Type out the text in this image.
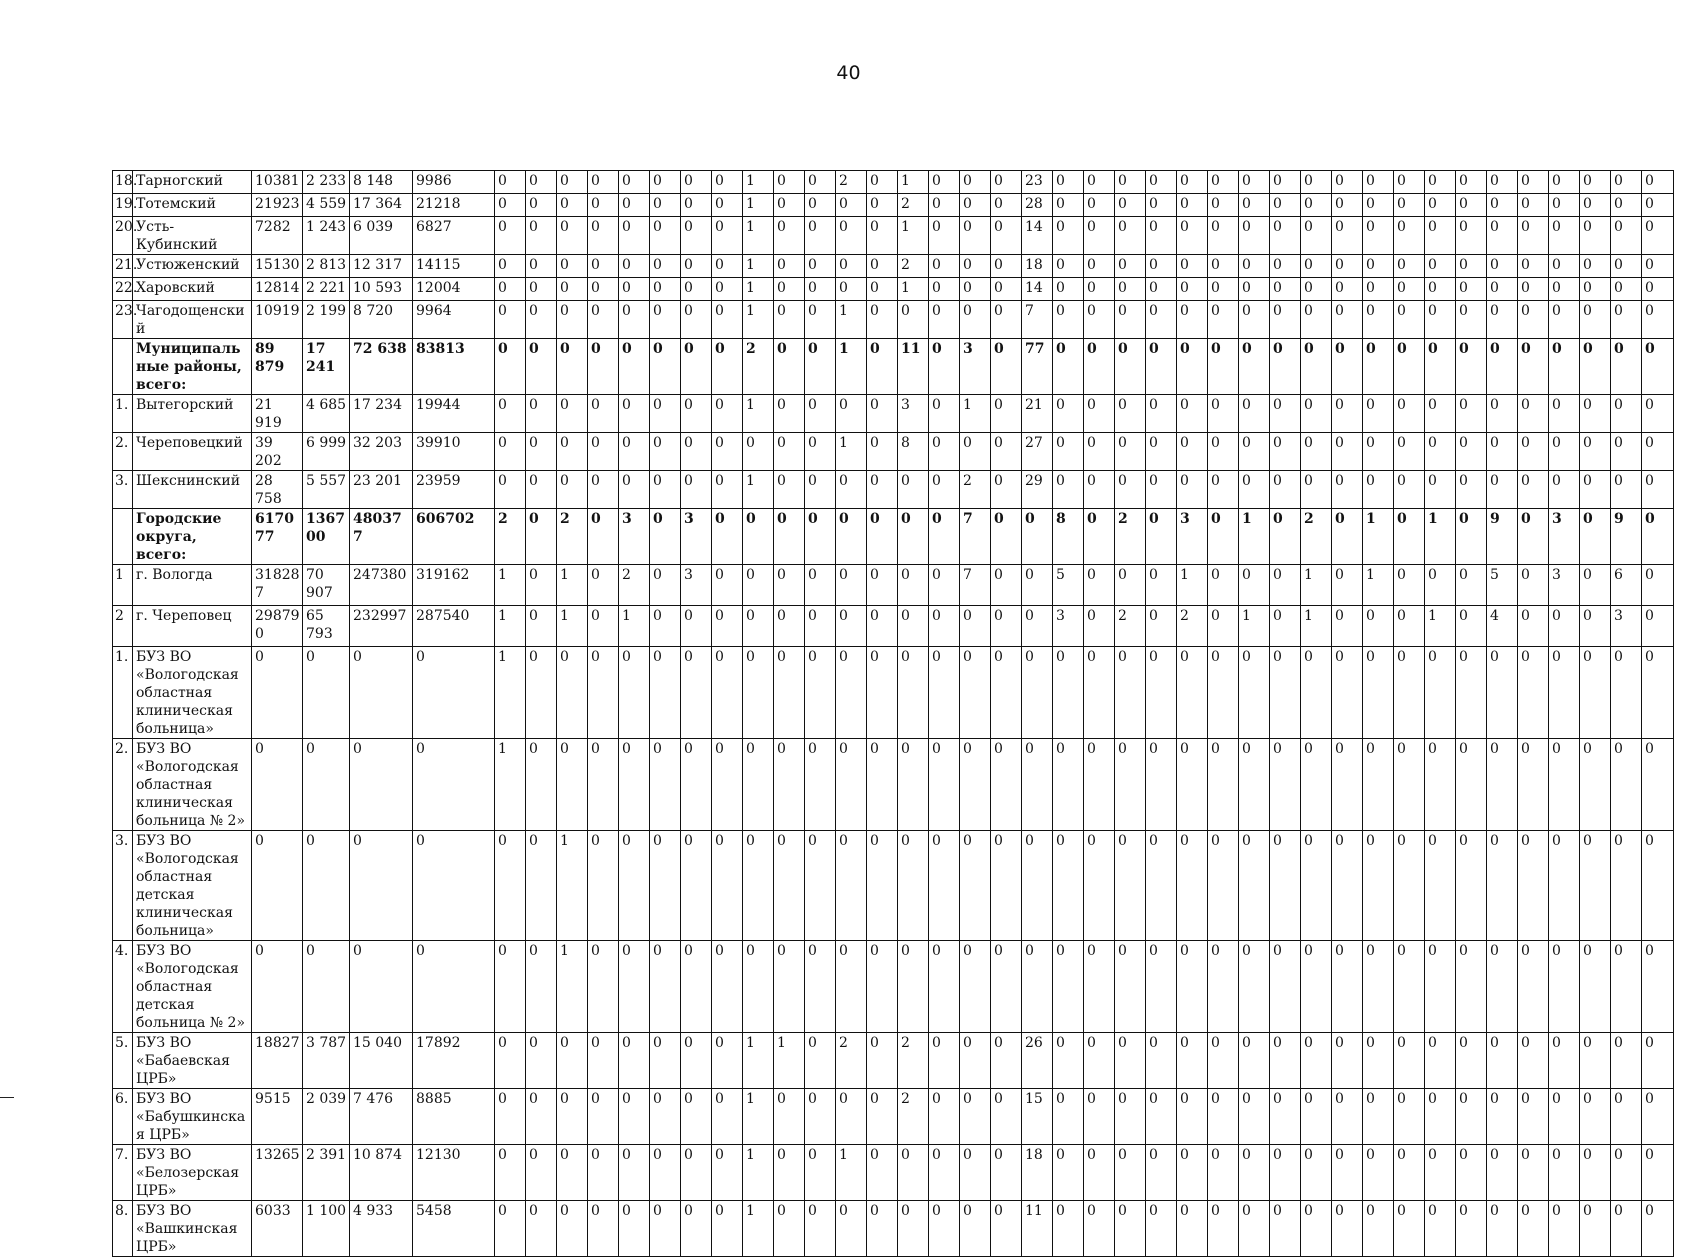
40
18.	Тарногский	10381	2 233	8 148	9986	0	0	0	0	0	0	0	0	1	0	0	2	0	1	0	0	0	23	0	0	0	0	0	0	0	0	0	0	0	0	0	0	0	0	0	0	0	0
19.	Тотемский	21923	4 559	17 364	21218	0	0	0	0	0	0	0	0	1	0	0	0	0	2	0	0	0	28	0	0	0	0	0	0	0	0	0	0	0	0	0	0	0	0	0	0	0	0
20.	Усть-Кубинский	7282	1 243	6 039	6827	0	0	0	0	0	0	0	0	1	0	0	0	0	1	0	0	0	14	0	0	0	0	0	0	0	0	0	0	0	0	0	0	0	0	0	0	0	0
21.	Устюженский	15130	2 813	12 317	14115	0	0	0	0	0	0	0	0	1	0	0	0	0	2	0	0	0	18	0	0	0	0	0	0	0	0	0	0	0	0	0	0	0	0	0	0	0	0
22.	Харовский	12814	2 221	10 593	12004	0	0	0	0	0	0	0	0	1	0	0	0	0	1	0	0	0	14	0	0	0	0	0	0	0	0	0	0	0	0	0	0	0	0	0	0	0	0
23.	Чагодощенский	10919	2 199	8 720	9964	0	0	0	0	0	0	0	0	1	0	0	1	0	0	0	0	0	7	0	0	0	0	0	0	0	0	0	0	0	0	0	0	0	0	0	0	0	0
	Муниципальные районы, всего:	89 879	17 241	72 638	83813	0	0	0	0	0	0	0	0	2	0	0	1	0	11	0	3	0	77	0	0	0	0	0	0	0	0	0	0	0	0	0	0	0	0	0	0	0	0
1.	Вытегорский	21 919	4 685	17 234	19944	0	0	0	0	0	0	0	0	1	0	0	0	0	3	0	1	0	21	0	0	0	0	0	0	0	0	0	0	0	0	0	0	0	0	0	0	0	0
2.	Череповецкий	39 202	6 999	32 203	39910	0	0	0	0	0	0	0	0	0	0	0	1	0	8	0	0	0	27	0	0	0	0	0	0	0	0	0	0	0	0	0	0	0	0	0	0	0	0
3.	Шекснинский	28 758	5 557	23 201	23959	0	0	0	0	0	0	0	0	1	0	0	0	0	0	0	2	0	29	0	0	0	0	0	0	0	0	0	0	0	0	0	0	0	0	0	0	0	0
	Городские округа, всего:	617077	136700	480377	606702	2	0	2	0	3	0	3	0	0	0	0	0	0	0	0	7	0	0	8	0	2	0	3	0	1	0	2	0	1	0	1	0	9	0	3	0	9	0
1	г. Вологда	318287	70 907	247380	319162	1	0	1	0	2	0	3	0	0	0	0	0	0	0	0	7	0	0	5	0	0	0	1	0	0	0	1	0	1	0	0	0	5	0	3	0	6	0
2	г. Череповец	298790	65 793	232997	287540	1	0	1	0	1	0	0	0	0	0	0	0	0	0	0	0	0	0	3	0	2	0	2	0	1	0	1	0	0	0	1	0	4	0	0	0	3	0
1.	БУЗ ВО «Вологодская областная клиническая больница»	0	0	0	0	1	0	0	0	0	0	0	0	0	0	0	0	0	0	0	0	0	0	0	0	0	0	0	0	0	0	0	0	0	0	0	0	0	0	0	0	0	0
2.	БУЗ ВО «Вологодская областная клиническая больница № 2»	0	0	0	0	1	0	0	0	0	0	0	0	0	0	0	0	0	0	0	0	0	0	0	0	0	0	0	0	0	0	0	0	0	0	0	0	0	0	0	0	0	0
3.	БУЗ ВО «Вологодская областная детская клиническая больница»	0	0	0	0	0	0	1	0	0	0	0	0	0	0	0	0	0	0	0	0	0	0	0	0	0	0	0	0	0	0	0	0	0	0	0	0	0	0	0	0	0	0
4.	БУЗ ВО «Вологодская областная детская больница № 2»	0	0	0	0	0	0	1	0	0	0	0	0	0	0	0	0	0	0	0	0	0	0	0	0	0	0	0	0	0	0	0	0	0	0	0	0	0	0	0	0	0	0
5.	БУЗ ВО «Бабаевская ЦРБ»	18827	3 787	15 040	17892	0	0	0	0	0	0	0	0	1	1	0	2	0	2	0	0	0	26	0	0	0	0	0	0	0	0	0	0	0	0	0	0	0	0	0	0	0	0
6.	БУЗ ВО «Бабушкинская ЦРБ»	9515	2 039	7 476	8885	0	0	0	0	0	0	0	0	1	0	0	0	0	2	0	0	0	15	0	0	0	0	0	0	0	0	0	0	0	0	0	0	0	0	0	0	0	0
7.	БУЗ ВО «Белозерская ЦРБ»	13265	2 391	10 874	12130	0	0	0	0	0	0	0	0	1	0	0	1	0	0	0	0	0	18	0	0	0	0	0	0	0	0	0	0	0	0	0	0	0	0	0	0	0	0
8.	БУЗ ВО «Вашкинская ЦРБ»	6033	1 100	4 933	5458	0	0	0	0	0	0	0	0	1	0	0	0	0	0	0	0	0	11	0	0	0	0	0	0	0	0	0	0	0	0	0	0	0	0	0	0	0	0
